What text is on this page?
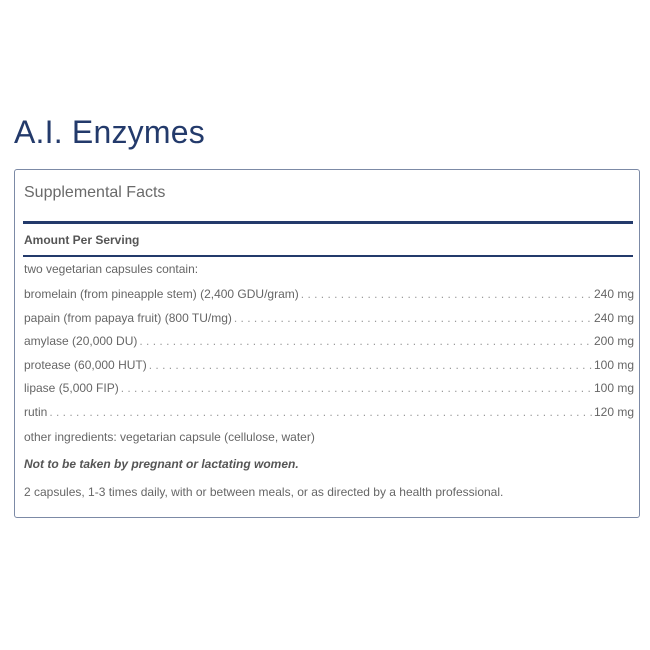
A.I. Enzymes
Supplemental Facts
Amount Per Serving
two vegetarian capsules contain:
bromelain (from pineapple stem) (2,400 GDU/gram) . . .	240 mg
papain (from papaya fruit) (800 TU/mg) . . .	240 mg
amylase (20,000 DU) . . .	200 mg
protease (60,000 HUT) . . .	100 mg
lipase (5,000 FIP) . . .	100 mg
rutin . . .	120 mg
other ingredients: vegetarian capsule (cellulose, water)
Not to be taken by pregnant or lactating women.
2 capsules, 1-3 times daily, with or between meals, or as directed by a health professional.
